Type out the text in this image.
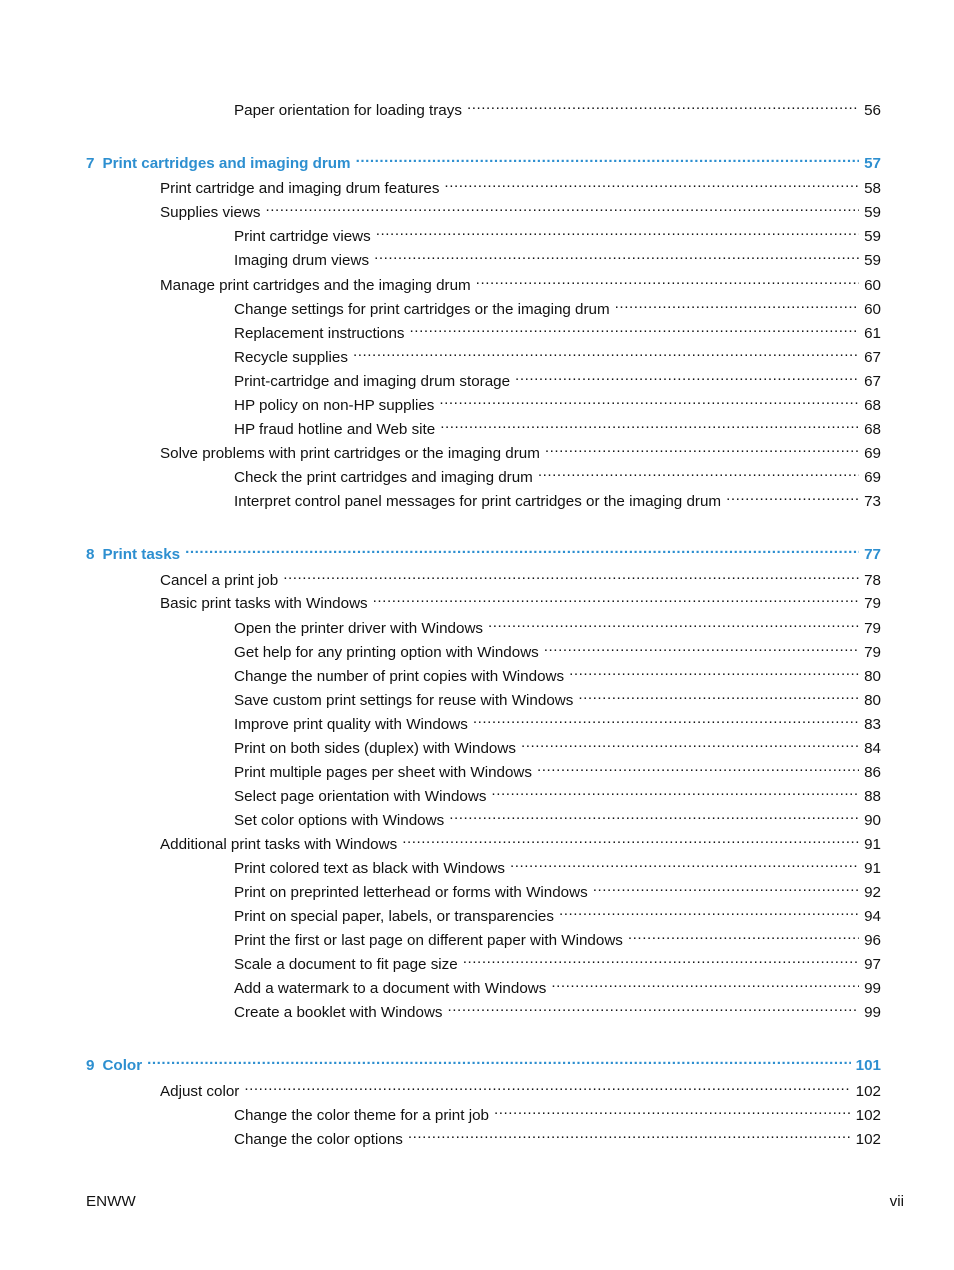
Paper orientation for loading trays .....	56
7 Print cartridges and imaging drum .....	57
Print cartridge and imaging drum features .....	58
Supplies views .....	59
Print cartridge views .....	59
Imaging drum views .....	59
Manage print cartridges and the imaging drum .....	60
Change settings for print cartridges or the imaging drum .....	60
Replacement instructions .....	61
Recycle supplies .....	67
Print-cartridge and imaging drum storage .....	67
HP policy on non-HP supplies .....	68
HP fraud hotline and Web site .....	68
Solve problems with print cartridges or the imaging drum .....	69
Check the print cartridges and imaging drum .....	69
Interpret control panel messages for print cartridges or the imaging drum .....	73
8 Print tasks .....	77
Cancel a print job .....	78
Basic print tasks with Windows .....	79
Open the printer driver with Windows .....	79
Get help for any printing option with Windows .....	79
Change the number of print copies with Windows .....	80
Save custom print settings for reuse with Windows .....	80
Improve print quality with Windows .....	83
Print on both sides (duplex) with Windows .....	84
Print multiple pages per sheet with Windows .....	86
Select page orientation with Windows .....	88
Set color options with Windows .....	90
Additional print tasks with Windows .....	91
Print colored text as black with Windows .....	91
Print on preprinted letterhead or forms with Windows .....	92
Print on special paper, labels, or transparencies .....	94
Print the first or last page on different paper with Windows .....	96
Scale a document to fit page size .....	97
Add a watermark to a document with Windows .....	99
Create a booklet with Windows .....	99
9 Color .....	101
Adjust color .....	102
Change the color theme for a print job .....	102
Change the color options .....	102
ENWW	vii
